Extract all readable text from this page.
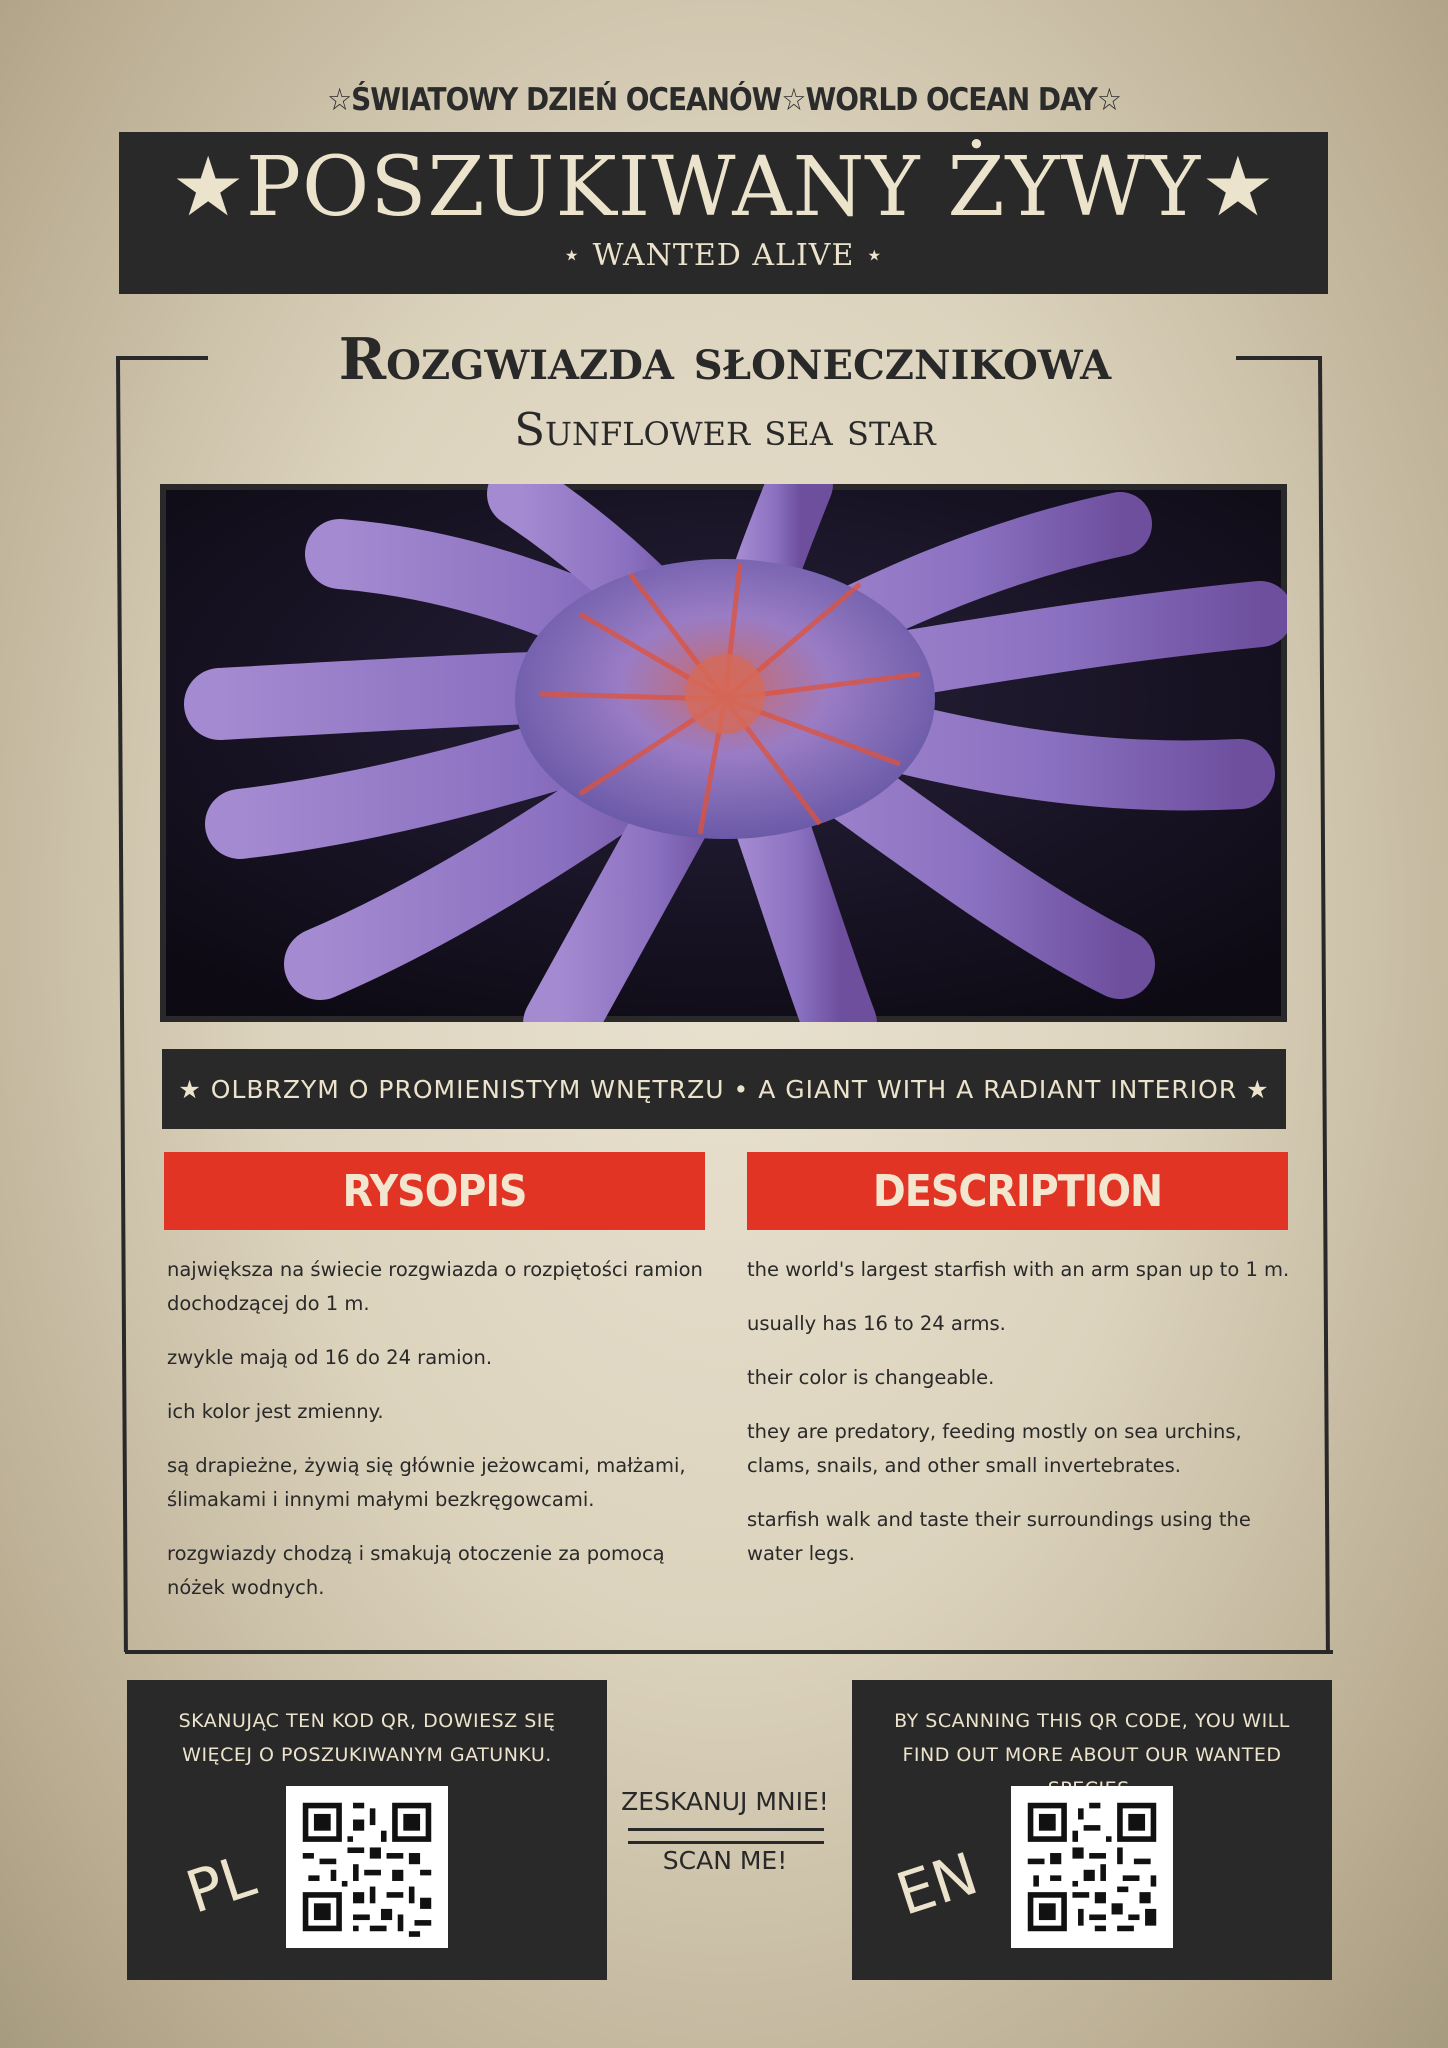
☆ŚWIATOWY DZIEŃ OCEANÓW☆WORLD OCEAN DAY☆
★POSZUKIWANY ŻYWY★
⋆ WANTED ALIVE ⋆
Rozgwiazda słonecznikowa
Sunflower sea star
★ OLBRZYM O PROMIENISTYM WNĘTRZU • A GIANT WITH A RADIANT INTERIOR ★
RYSOPIS	DESCRIPTION

największa na świecie rozgwiazda o rozpiętości ramion dochodzącej do 1 m.

zwykle mają od 16 do 24 ramion.

ich kolor jest zmienny.

są drapieżne, żywią się głównie jeżowcami, małżami, ślimakami i innymi małymi bezkręgowcami.

rozgwiazdy chodzą i smakują otoczenie za pomocą nóżek wodnych.

the world's largest starfish with an arm span up to 1 m.

usually has 16 to 24 arms.

their color is changeable.

they are predatory, feeding mostly on sea urchins, clams, snails, and other small invertebrates.

starfish walk and taste their surroundings using the water legs.

SKANUJĄC TEN KOD QR, DOWIESZ SIĘ WIĘCEJ O POSZUKIWANYM GATUNKU.
PL
BY SCANNING THIS QR CODE, YOU WILL FIND OUT MORE ABOUT OUR WANTED
EN
ZESKANUJ MNIE!
SCAN ME!
